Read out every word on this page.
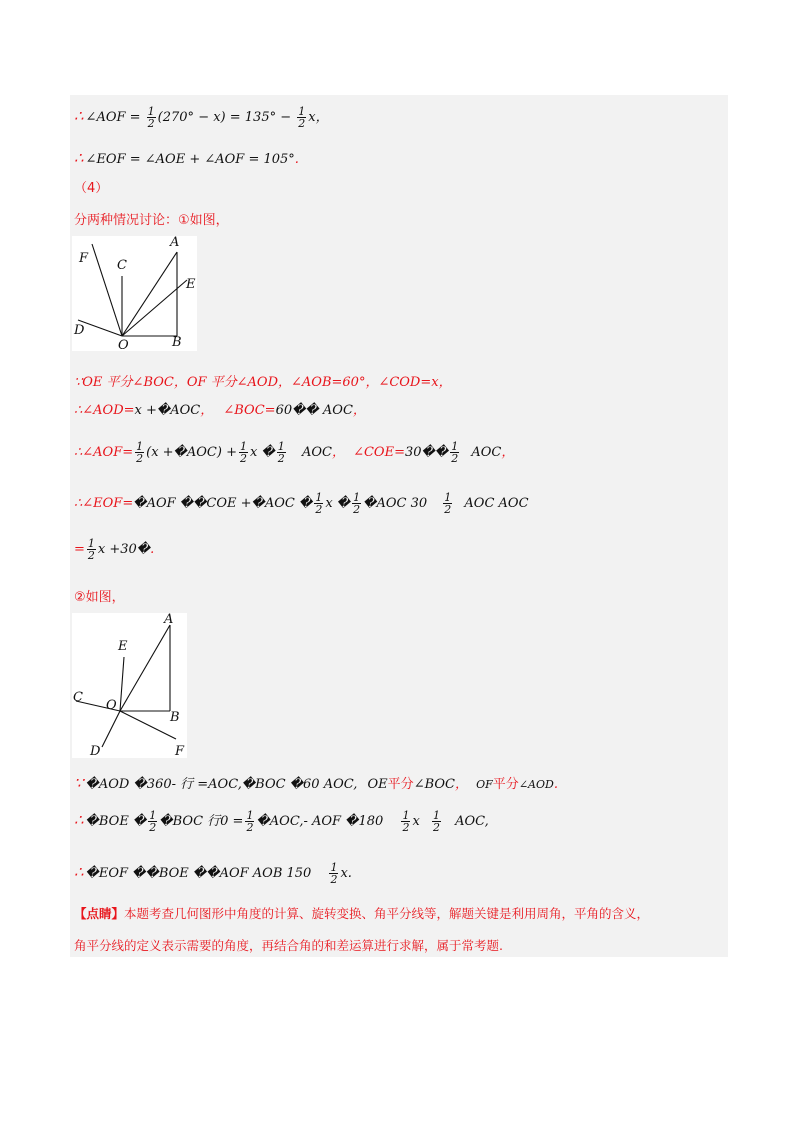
∴ ∠AOF = $\frac{1}{2} (270^\circ - x) = 135^\circ - \frac{1}{2}$ x，
∴ ∠EOF = ∠AOE + ∠AOF = 105°.
（4）
分两种情况讨论：①如图，
A
C
E
F
D
O	B
∵OE 平分∠BOC，OF 平分∠AOD，∠AOB=60°，∠COD=x，
∴∠AOD=x +�AOC， ∠BOC=60�� AOC，
∴∠AOF= $\frac{1}{2} (x$ +�AOC) + $\frac{1}{2}$ x � $\frac{1}{2}$ AOC， ∠COE=30�� $\frac{1}{2}$ AOC，
∴∠EOF=�AOF ��COE +�AOC � $\frac{1}{2}$ x � $\frac{1}{2}$ �AOC $30 \frac{1}{2}$ AOC AOC
= $\frac{1}{2}$ x +30�.
②如图，
A
E
C
O
B
D	F
∵ �AOD �360- 行 =AOC,�BOC �60 AOC, OE平分∠BOC， OF平分∠AOD.
∴ �BOE � $\frac{1}{2}$ �BOC 行$0 = \frac{1}{2}$ �AOC,- AOF �180 $\frac{1}{2}$ x $\frac{1}{2}$ AOC,
∴ �EOF ��BOE ��AOF AOB $150 \frac{1}{2} x$.
【点睛】本题考查几何图形中角度的计算、旋转变换、角平分线等，解题关键是利用周角，平角的含义，
角平分线的定义表示需要的角度，再结合角的和差运算进行求解，属于常考题.
